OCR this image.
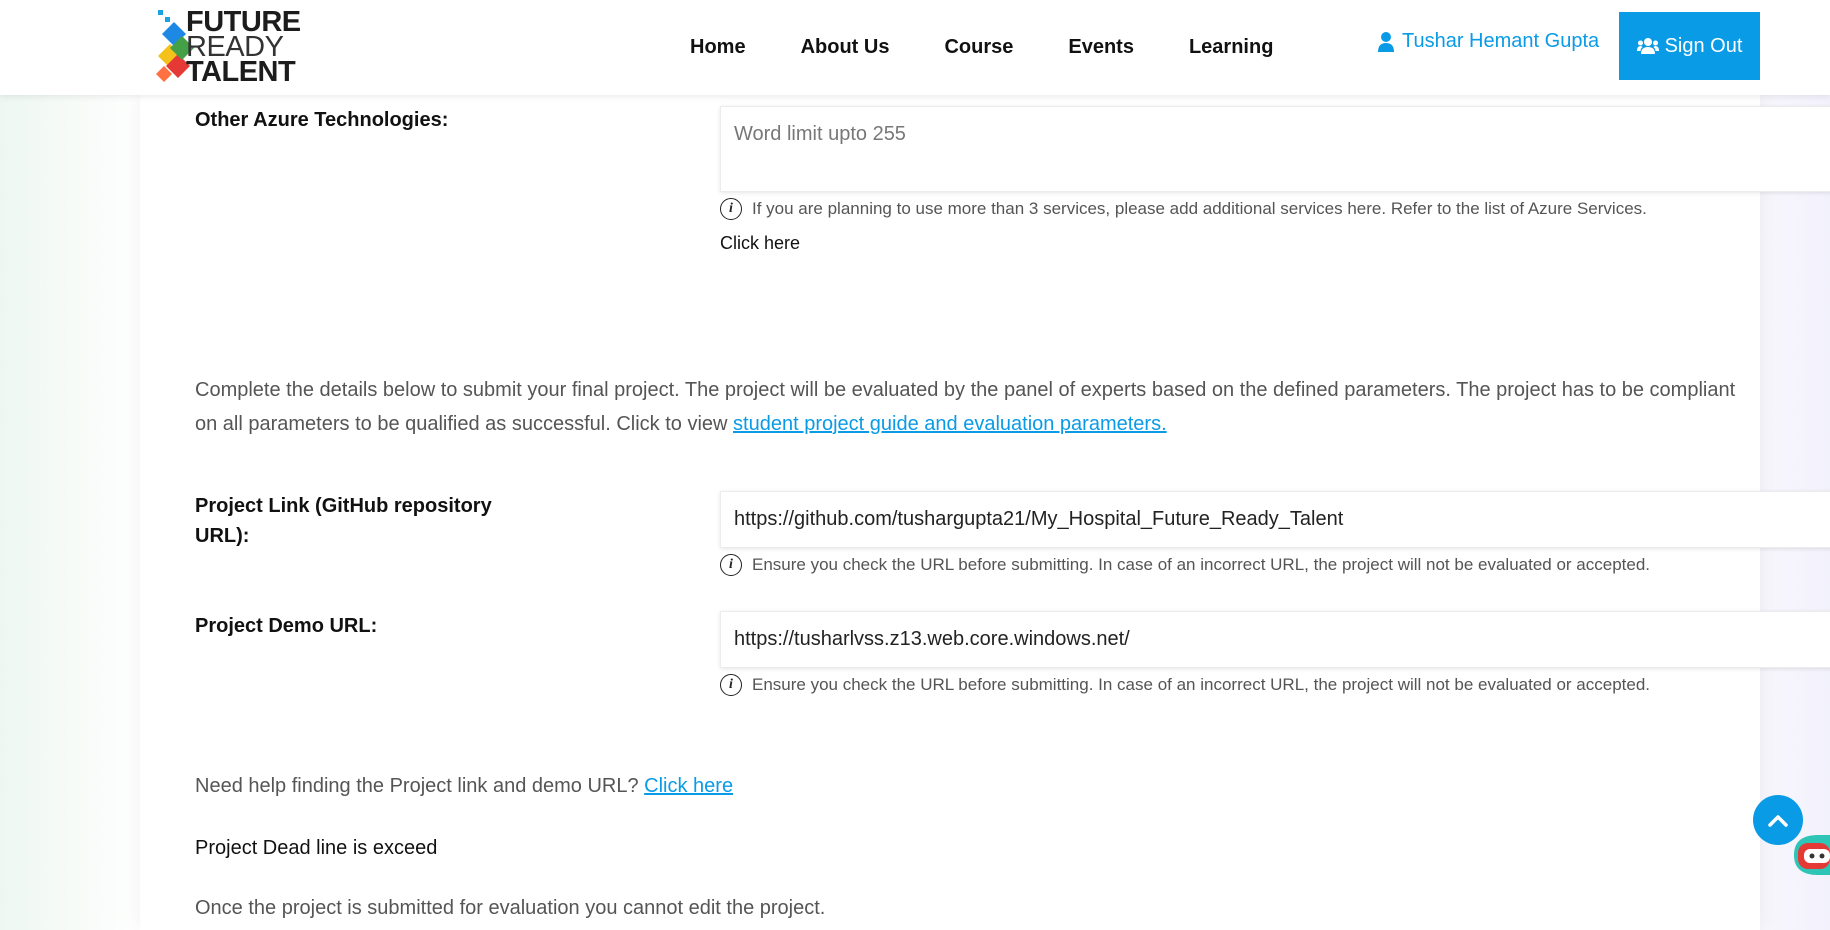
FUTURE
READY
TALENT
Home	About Us	Course	Events	Learning	Tushar Hemant Gupta	Sign Out
Other Azure Technologies:
Word limit upto 255
i	If you are planning to use more than 3 services, please add additional services here. Refer to the list of Azure Services.
Click here
Complete the details below to submit your final project. The project will be evaluated by the panel of experts based on the defined parameters. The project has to be compliant on all parameters to be qualified as successful. Click to view student project guide and evaluation parameters.
Project Link (GitHub repository URL):
https://github.com/tushargupta21/My_Hospital_Future_Ready_Talent
i	Ensure you check the URL before submitting. In case of an incorrect URL, the project will not be evaluated or accepted.
Project Demo URL:
https://tusharlvss.z13.web.core.windows.net/
i	Ensure you check the URL before submitting. In case of an incorrect URL, the project will not be evaluated or accepted.
Need help finding the Project link and demo URL? Click here
Project Dead line is exceed
Once the project is submitted for evaluation you cannot edit the project.
